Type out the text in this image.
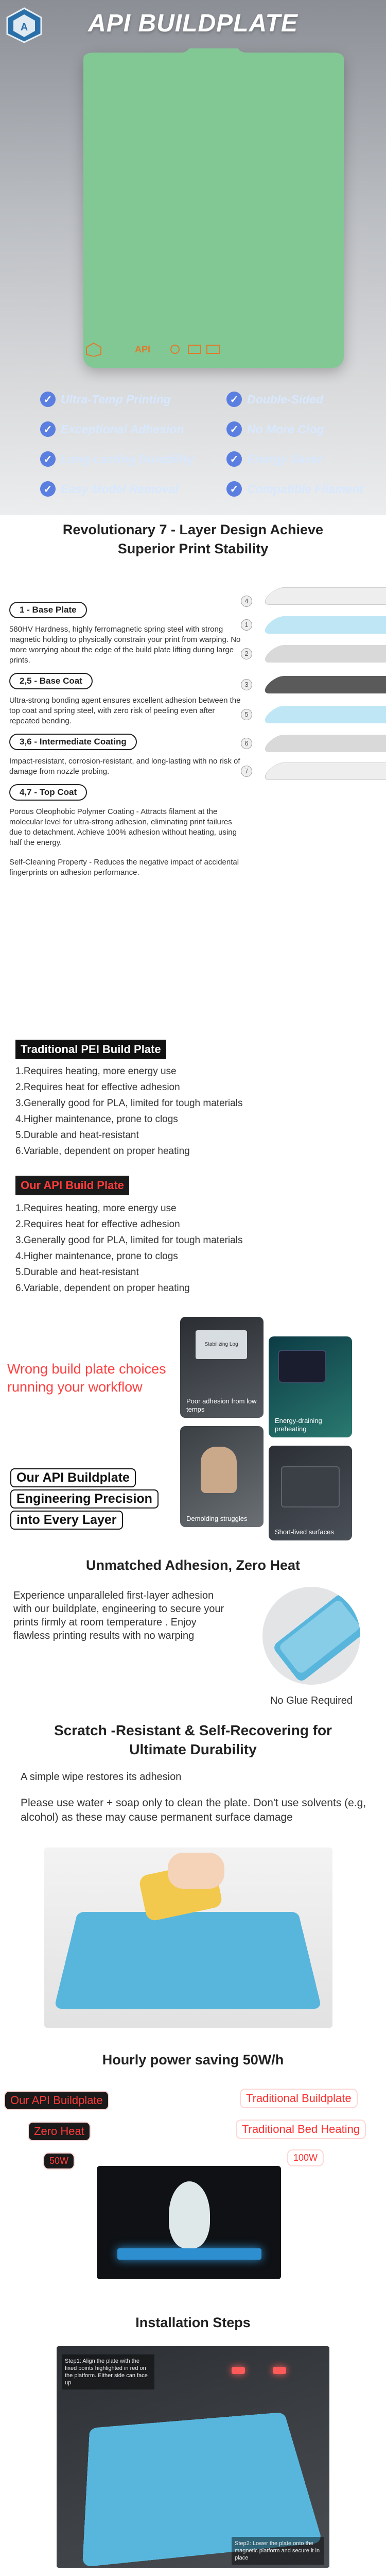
A	API BUILDPLATE
API
✓ Ultra-Temp Printing
✓ Exceptional Adhesion
✓ Long-Lasting Durability
✓ Easy Model Removal
✓ Double-Sided
✓ No More Clog
✓ Energy Saver
✓ Compatible Filament
Revolutionary 7 - Layer Design Achieve
Superior Print Stability
4
1
2
3
5
6
7
1 - Base Plate
580HV Hardness, highly ferromagnetic spring steel with strong magnetic holding to physically constrain your print from warping. No more worrying about the edge of the build plate lifting during large prints.
2,5 - Base Coat
Ultra-strong bonding agent ensures excellent adhesion between the top coat and spring steel, with zero risk of peeling even after repeated bending.
3,6 - Intermediate Coating
Impact-resistant, corrosion-resistant, and long-lasting with no risk of damage from nozzle probing.
4,7 - Top Coat
Porous Oleophobic Polymer Coating - Attracts filament at the molecular level for ultra-strong adhesion, eliminating print failures due to detachment. Achieve 100% adhesion without heating, using half the energy.
Self-Cleaning Property - Reduces the negative impact of accidental fingerprints on adhesion performance.
Traditional PEI Build Plate
1.Requires heating, more energy use
2.Requires heat for effective adhesion
3.Generally good for PLA, limited for tough materials
4.Higher maintenance, prone to clogs
5.Durable and heat-resistant
6.Variable, dependent on proper heating
Our API Build Plate
1.Requires heating, more energy use
2.Requires heat for effective adhesion
3.Generally good for PLA, limited for tough materials
4.Higher maintenance, prone to clogs
5.Durable and heat-resistant
6.Variable, dependent on proper heating
Wrong build plate choices
running your workflow
Our API Buildplate
Engineering Precision
into Every Layer
Stabilizing Log
Poor adhesion from low temps
Energy-draining preheating
Demolding struggles
Short-lived surfaces
Unmatched Adhesion, Zero Heat
Experience unparalleled first-layer adhesion with our buildplate, engineering to secure your prints firmly at room temperature . Enjoy flawless printing results with no warping
No Glue Required
Scratch -Resistant & Self-Recovering for
Ultimate Durability
A simple wipe restores its adhesion
Please use water + soap only to clean the plate. Don't use solvents (e.g, alcohol) as these may cause permanent surface damage
Hourly power saving 50W/h
Our API Buildplate
Zero Heat
50W
Traditional Buildplate
Traditional Bed Heating
100W
Installation Steps
Step1: Align the plate with the fixed points highlighted in red on the platform. Either side can face up
Step2: Lower the plate onto the magnetic platform and secure it in place
